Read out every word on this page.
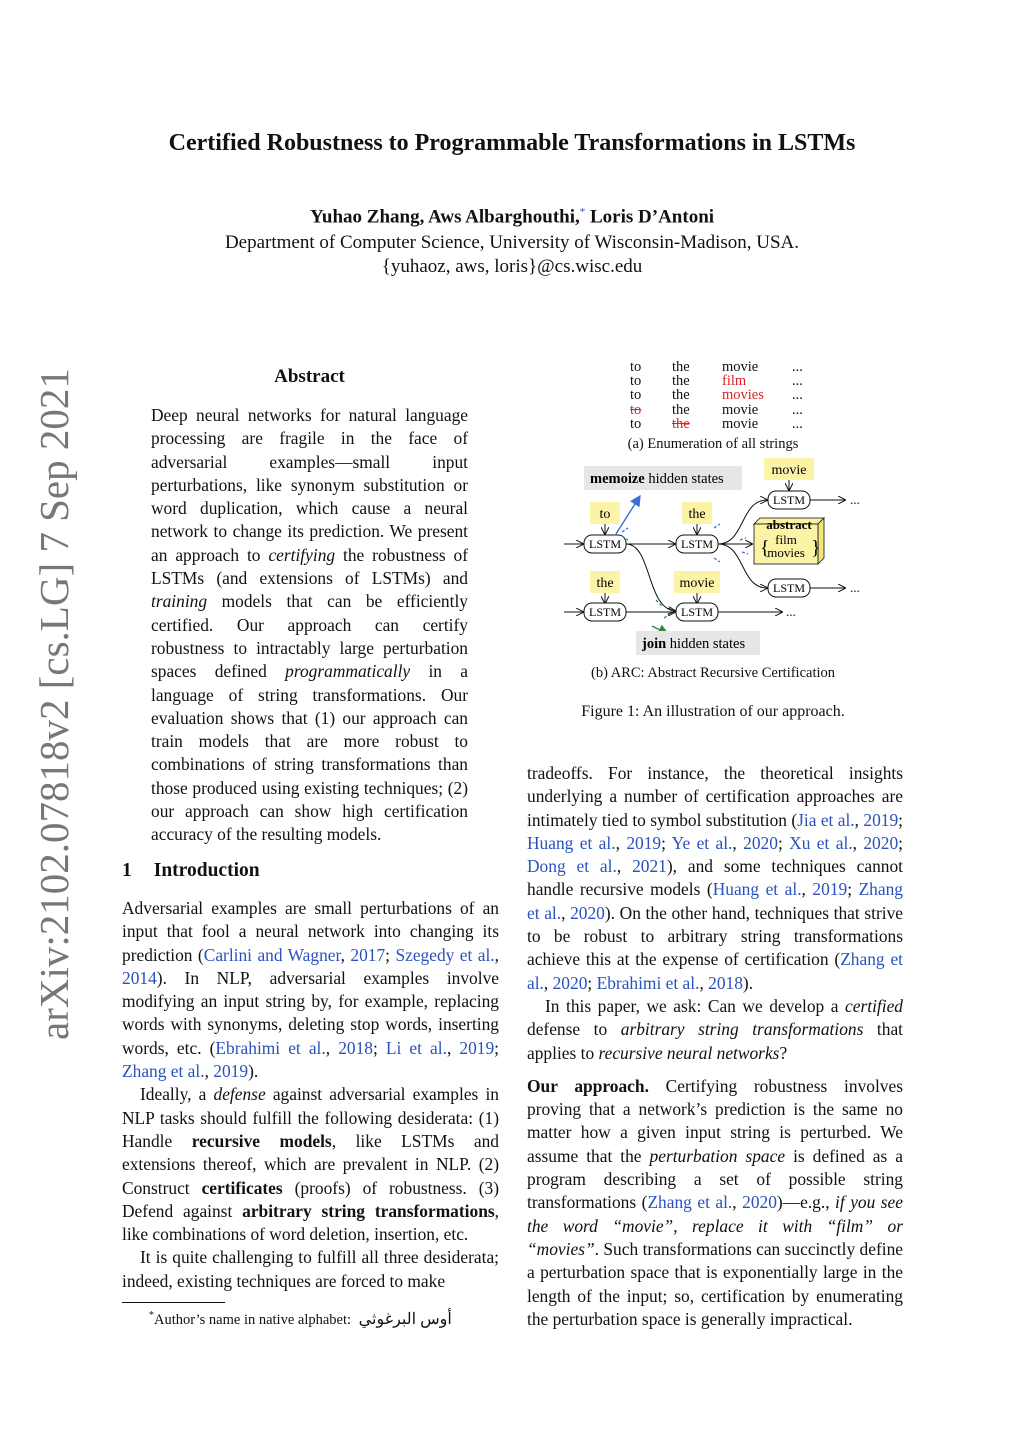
arXiv:2102.07818v2 [cs.LG] 7 Sep 2021
Certified Robustness to Programmable Transformations in LSTMs
Yuhao Zhang, Aws Albarghouthi,* Loris D’Antoni
Department of Computer Science, University of Wisconsin-Madison, USA.
{yuhaoz, aws, loris}@cs.wisc.edu
Abstract
Deep neural networks for natural language processing are fragile in the face of adversarial examples—small input perturbations, like synonym substitution or word duplication, which cause a neural network to change its prediction. We present an approach to certifying the robustness of LSTMs (and extensions of LSTMs) and training models that can be efficiently certified. Our approach can certify robustness to intractably large perturbation spaces defined programmatically in a language of string transformations. Our evaluation shows that (1) our approach can train models that are more robust to combinations of string transformations than those produced using existing techniques; (2) our approach can show high certification accuracy of the resulting models.
1 Introduction

Adversarial examples are small perturbations of an input that fool a neural network into changing its prediction (Carlini and Wagner, 2017; Szegedy et al., 2014). In NLP, adversarial examples involve modifying an input string by, for example, replacing words with synonyms, deleting stop words, inserting words, etc. (Ebrahimi et al., 2018; Li et al., 2019; Zhang et al., 2019).

Ideally, a defense against adversarial examples in NLP tasks should fulfill the following desiderata: (1) Handle recursive models, like LSTMs and extensions thereof, which are prevalent in NLP. (2) Construct certificates (proofs) of robustness. (3) Defend against arbitrary string transformations, like combinations of word deletion, insertion, etc.

It is quite challenging to fulfill all three desiderata; indeed, existing techniques are forced to make

tradeoffs. For instance, the theoretical insights underlying a number of certification approaches are intimately tied to symbol substitution (Jia et al., 2019; Huang et al., 2019; Ye et al., 2020; Xu et al., 2020; Dong et al., 2021), and some techniques cannot handle recursive models (Huang et al., 2019; Zhang et al., 2020). On the other hand, techniques that strive to be robust to arbitrary string transformations achieve this at the expense of certification (Zhang et al., 2020; Ebrahimi et al., 2018).

In this paper, we ask: Can we develop a certified defense to arbitrary string transformations that applies to recursive neural networks?

Our approach. Certifying robustness involves proving that a network’s prediction is the same no matter how a given input string is perturbed. We assume that the perturbation space is defined as a program describing a set of possible string transformations (Zhang et al., 2020)—e.g., if you see the word “movie”, replace it with “film” or “movies”. Such transformations can succinctly define a perturbation space that is exponentially large in the length of the input; so, certification by enumerating the perturbation space is generally impractical.

*Author’s name in native alphabet: أوس البرغوثي
to	the	movie	...
to	the	film	...
to	the	movies	...
to	the	movie	...
to	the	movie	...
(a) Enumeration of all strings
memoize hidden states
movie
to	the
the	movie
LSTM	LSTM
LSTM	LSTM
LSTM
LSTM
...
...
...
abstract
{ }
film
movies
join hidden states
(b) ARC: Abstract Recursive Certification
Figure 1: An illustration of our approach.
